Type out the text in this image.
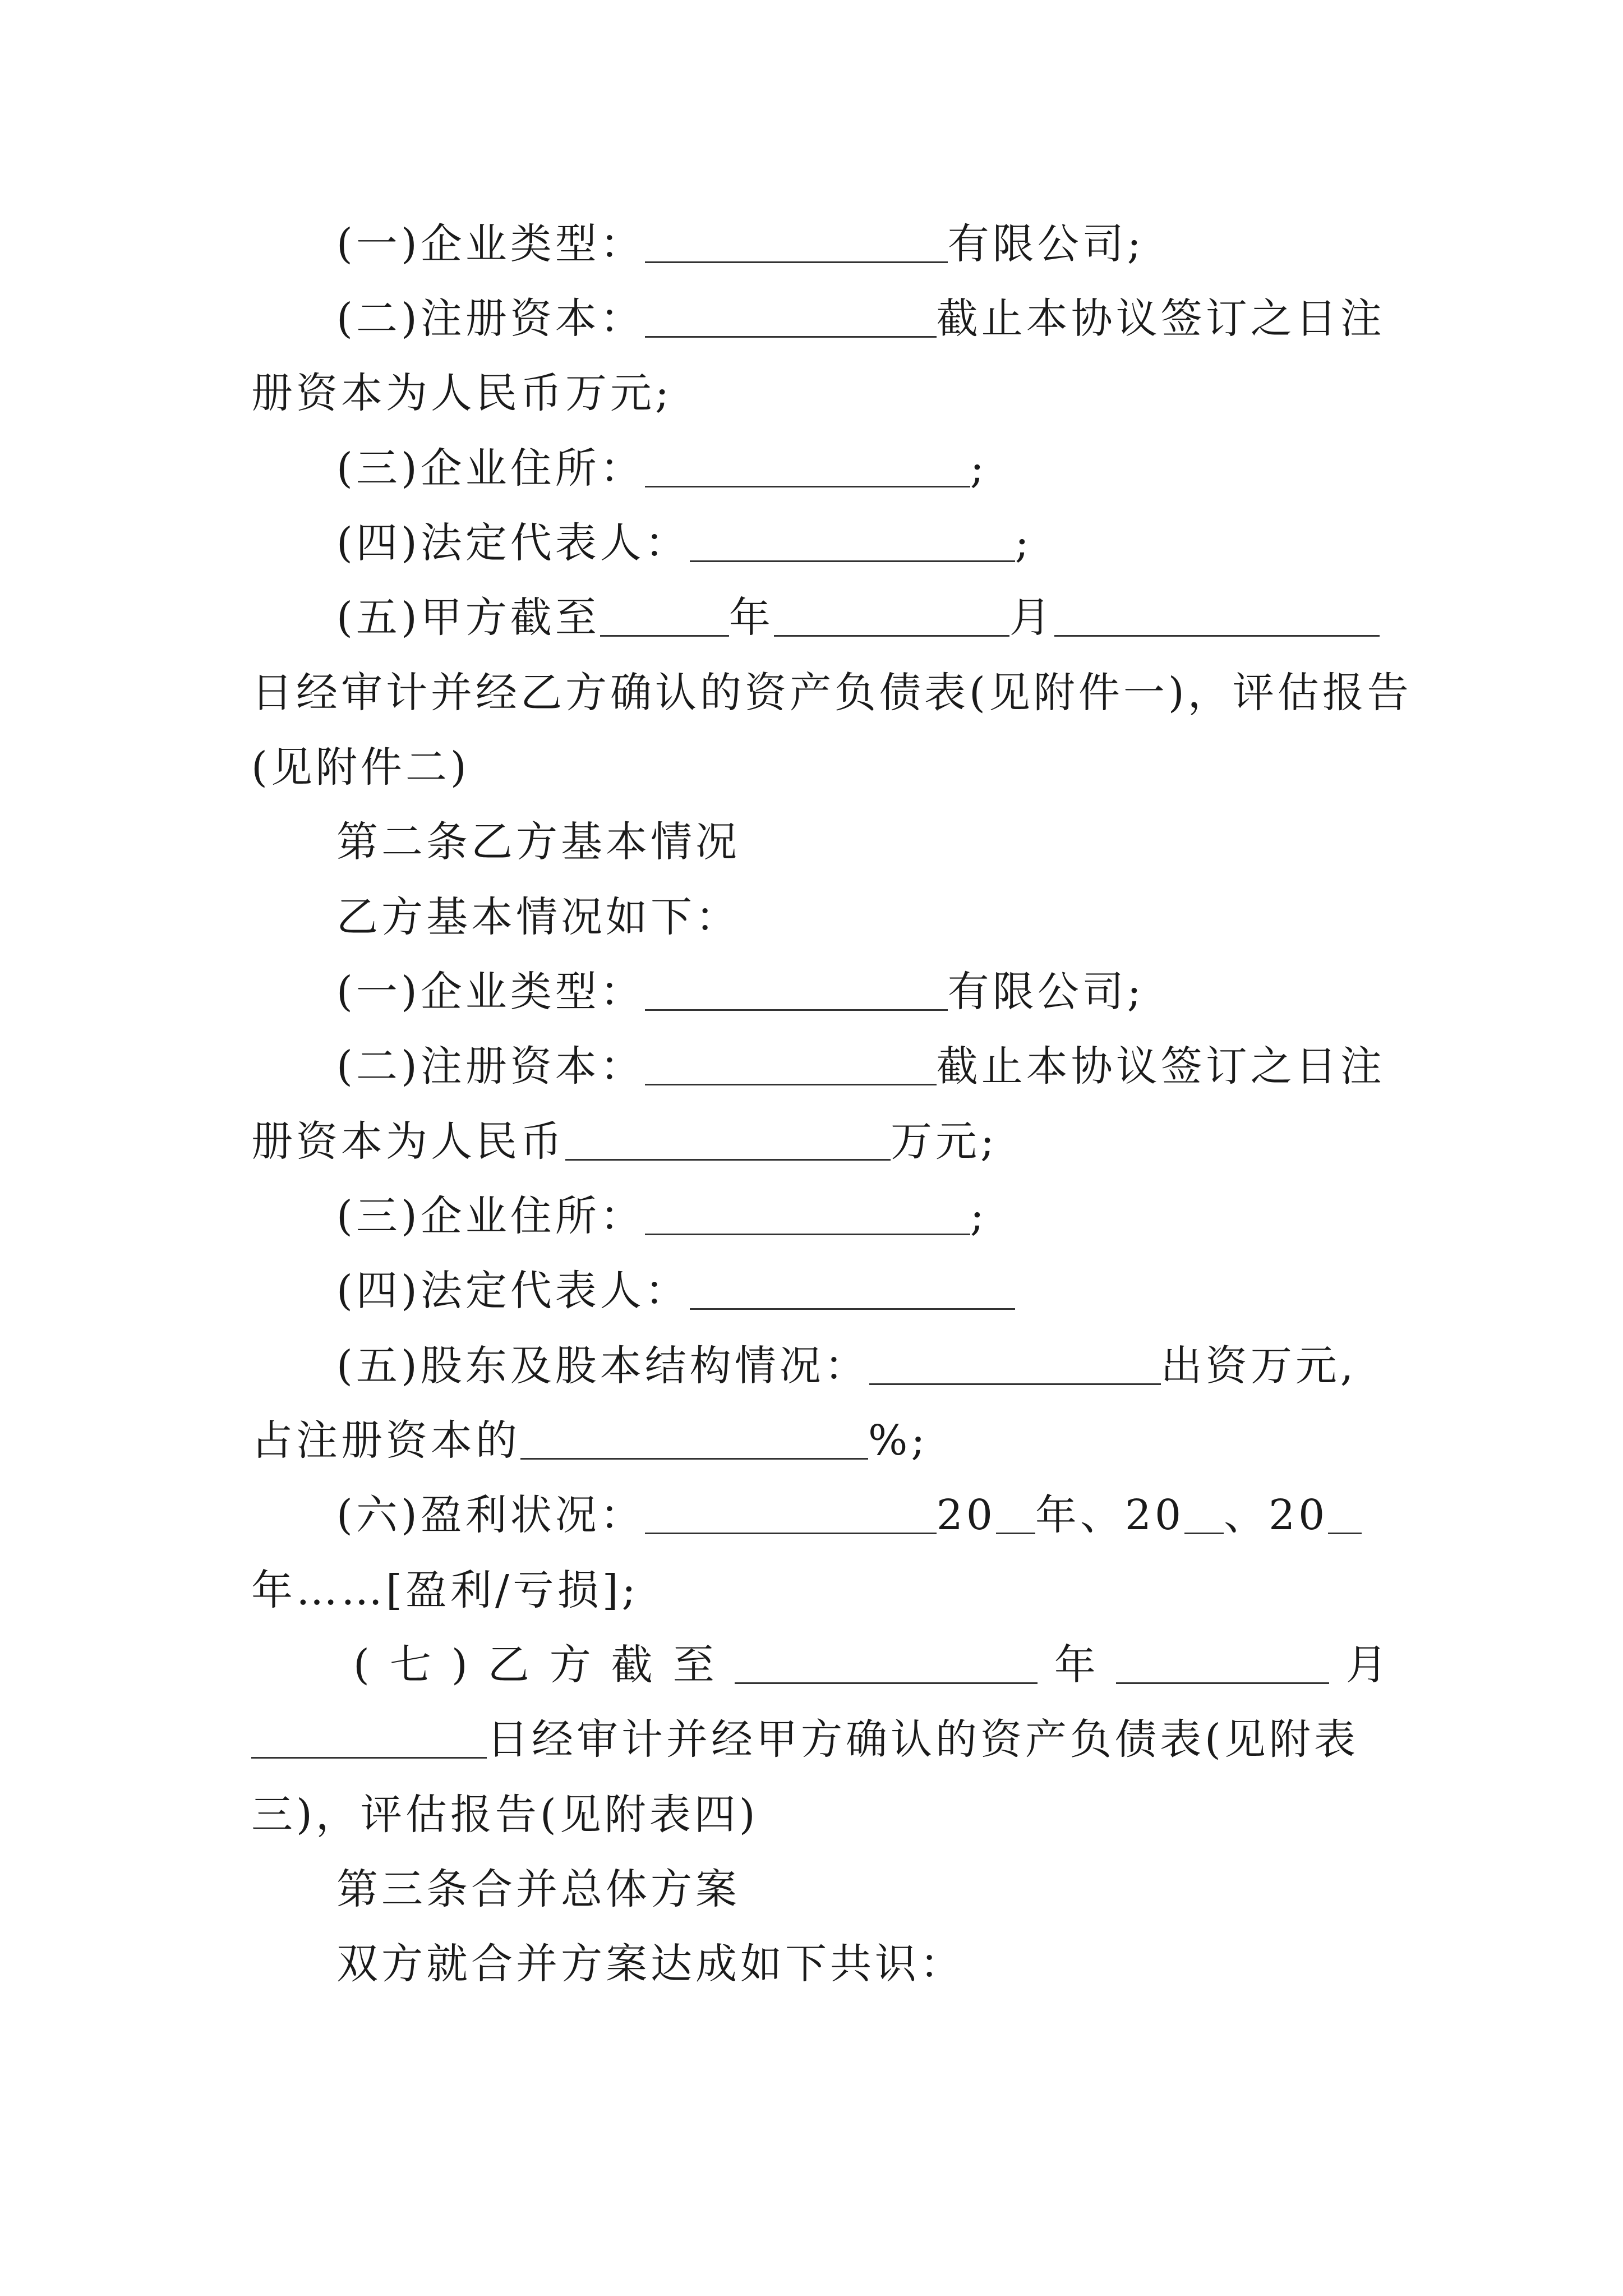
(一)企业类型：	有限公司;
(二)注册资本：	截止本协议签订之日注
册资本为人民币万元;
(三)企业住所：	;
(四)法定代表人：	;
(五)甲方截至	年	月
日经审计并经乙方确认的资产负债表(见附件一)，评估报告
(见附件二)
第二条乙方基本情况
乙方基本情况如下：
(一)企业类型：	有限公司;
(二)注册资本：	截止本协议签订之日注
册资本为人民币	万元;
(三)企业住所：	;
(四)法定代表人：
(五)股东及股本结构情况：	出资万元,
占注册资本的	%;
(六)盈利状况：	20 年、20 、20
年……[盈利/亏损];
(七)乙方截至	年	月
日经审计并经甲方确认的资产负债表(见附表
三)，评估报告(见附表四)
第三条合并总体方案
双方就合并方案达成如下共识：
